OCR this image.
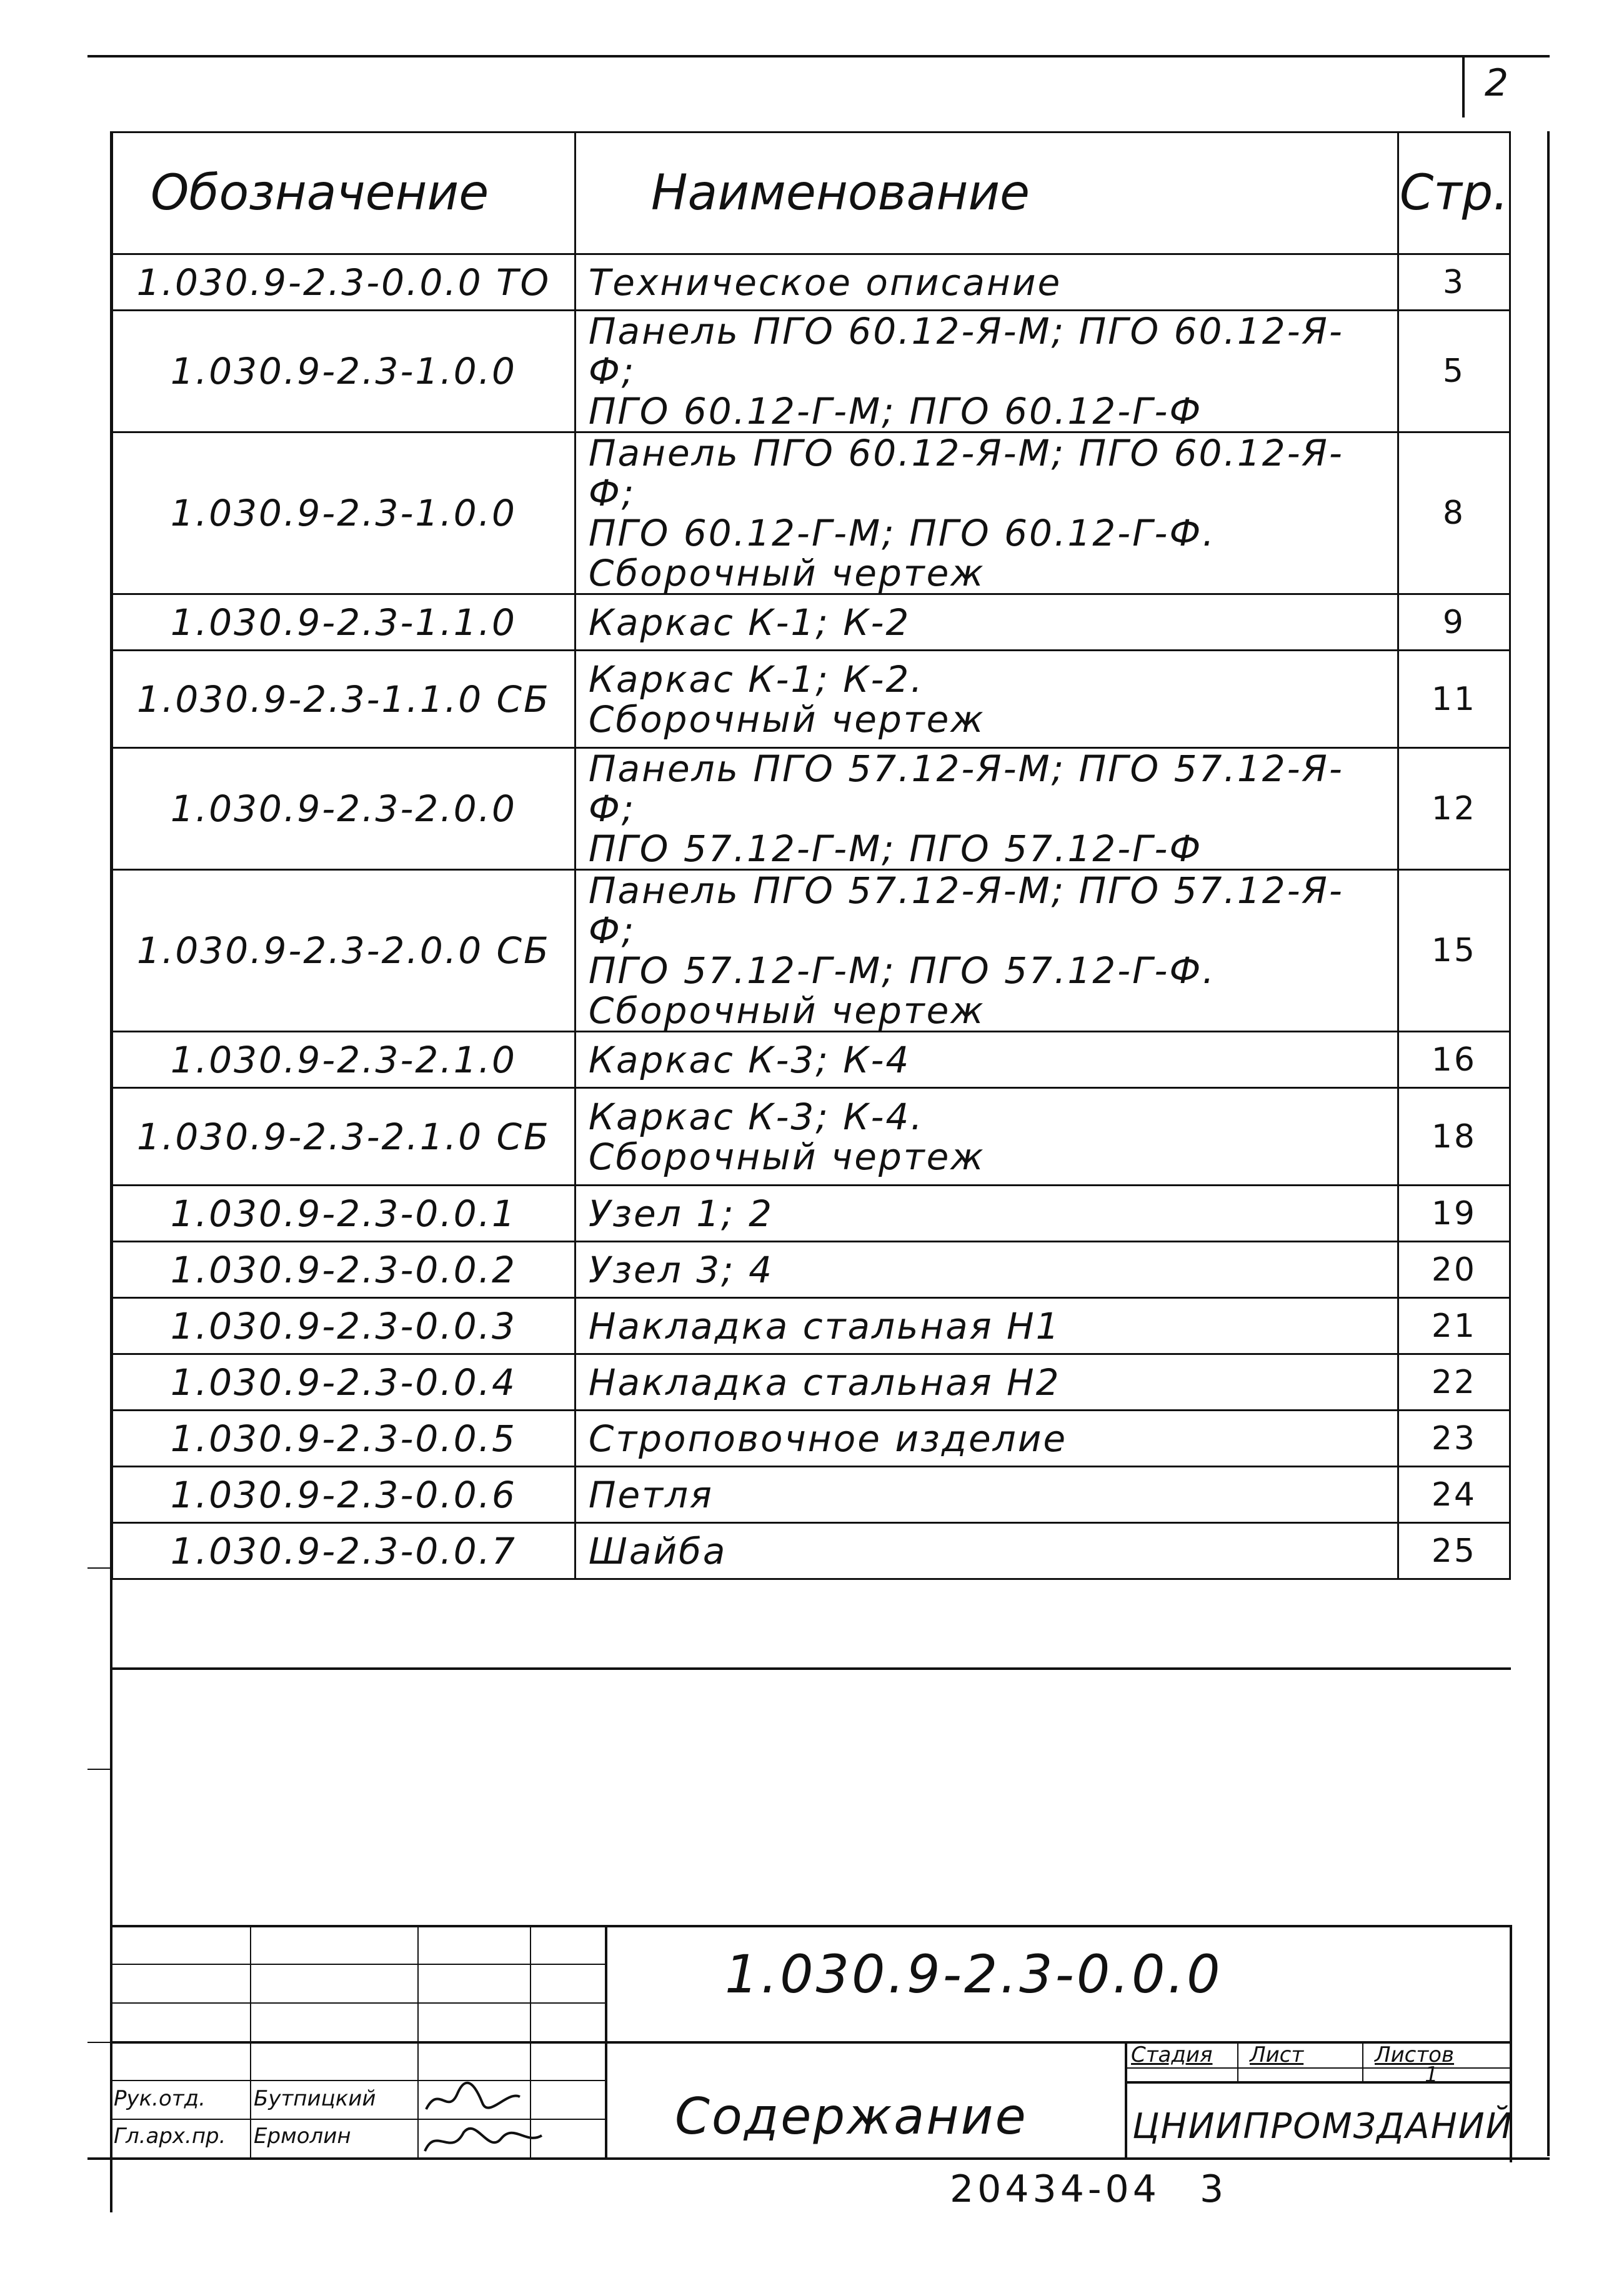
2
Обозначение	Наименование	Стр.
1.030.9-2.3-0.0.0 ТО	Техническое описание	3
1.030.9-2.3-1.0.0	Панель ПГО 60.12-Я-М; ПГО 60.12-Я-Ф;
ПГО 60.12-Г-М; ПГО 60.12-Г-Ф	5
1.030.9-2.3-1.0.0	Панель ПГО 60.12-Я-М; ПГО 60.12-Я-Ф;
ПГО 60.12-Г-М; ПГО 60.12-Г-Ф.
Сборочный чертеж	8
1.030.9-2.3-1.1.0	Каркас К-1; К-2	9
1.030.9-2.3-1.1.0 СБ	Каркас К-1; К-2.
Сборочный чертеж	11
1.030.9-2.3-2.0.0	Панель ПГО 57.12-Я-М; ПГО 57.12-Я-Ф;
ПГО 57.12-Г-М; ПГО 57.12-Г-Ф	12
1.030.9-2.3-2.0.0 СБ	Панель ПГО 57.12-Я-М; ПГО 57.12-Я-Ф;
ПГО 57.12-Г-М; ПГО 57.12-Г-Ф.
Сборочный чертеж	15
1.030.9-2.3-2.1.0	Каркас К-3; К-4	16
1.030.9-2.3-2.1.0 СБ	Каркас К-3; К-4.
Сборочный чертеж	18
1.030.9-2.3-0.0.1	Узел 1; 2	19
1.030.9-2.3-0.0.2	Узел 3; 4	20
1.030.9-2.3-0.0.3	Накладка стальная Н1	21
1.030.9-2.3-0.0.4	Накладка стальная Н2	22
1.030.9-2.3-0.0.5	Строповочное изделие	23
1.030.9-2.3-0.0.6	Петля	24
1.030.9-2.3-0.0.7	Шайба	25
Рук.отд. Бутпицкий
Гл.арх.пр. Ермолин
1.030.9-2.3-0.0.0
Содержание
Стадия Лист	Листов
1
ЦНИИПРОМЗДАНИЙ
20434-04 3
